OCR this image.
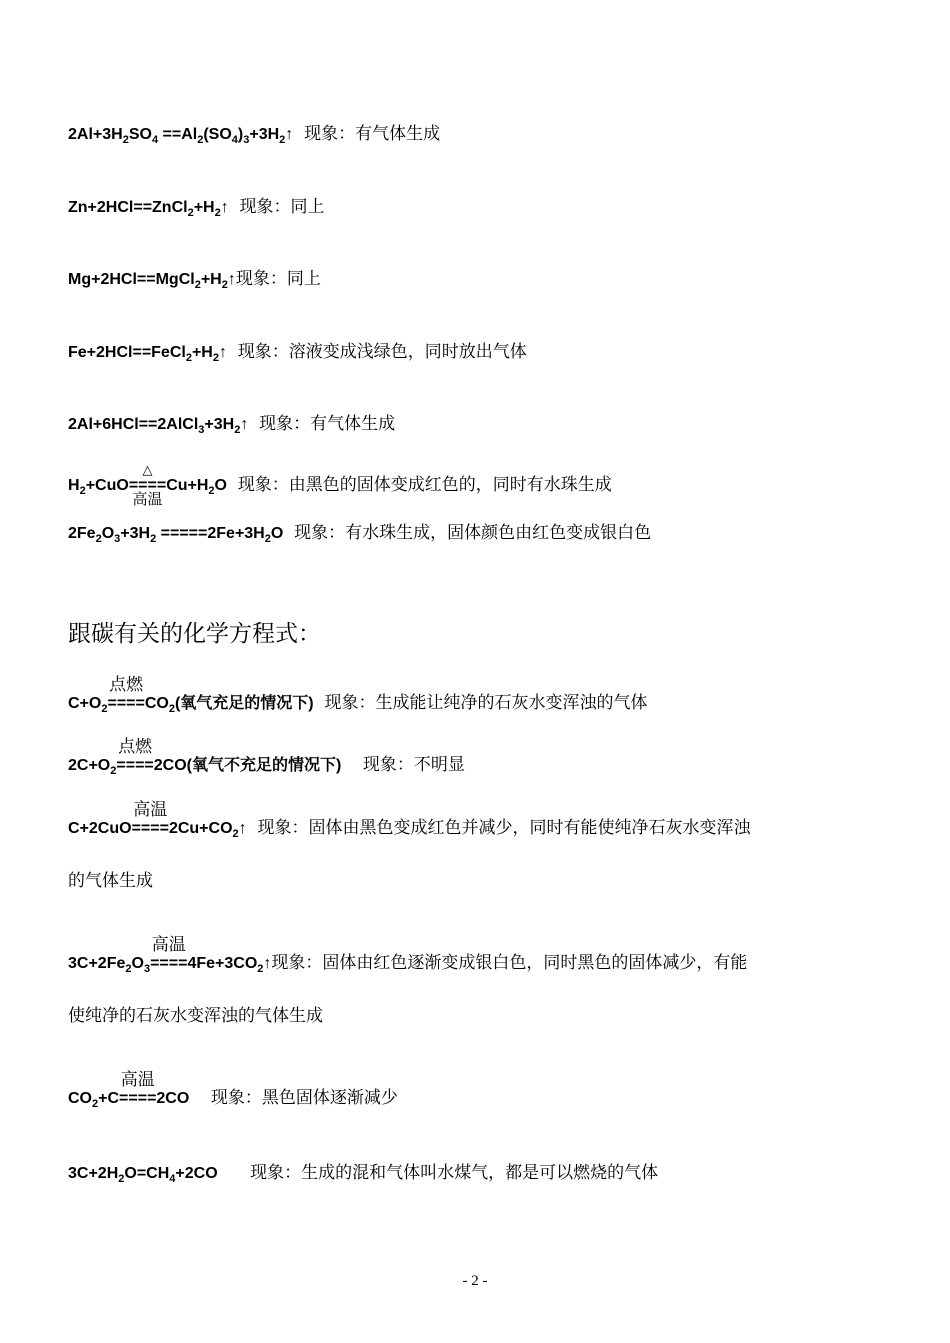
$2Al+3H_2SO_4$ $==Al_2(SO_4)_3+3H_2↑$  现象：有气体生成
$Zn+2HCl==ZnCl_2+H_2↑$  现象：同上
$Mg+2HCl==MgCl_2+H_2↑$现象：同上
$Fe+2HCl==FeCl_2+H_2↑$  现象：溶液变成浅绿色，同时放出气体
$2Al+6HCl==2AlCl_3+3H_2↑$  现象：有气体生成
$H_2+CuO$
△
====
高温
$Cu+H_2O$  现象：由黑色的固体变成红色的，同时有水珠生成
$2Fe_2O_3+3H_2 =====2Fe+3H_2O$  现象：有水珠生成，固体颜色由红色变成银白色
跟碳有关的化学方程式：
$C+O_2$
点燃
$====CO_2$(氧气充足的情况下)  现象：生成能让纯净的石灰水变浑浊的气体
$2C+O_2$
点燃
====2CO(氧气不充足的情况下)    现象：不明显
C+2CuO
高温
$====2Cu+CO_2↑$  现象：固体由黑色变成红色并减少，同时有能使纯净石灰水变浑浊
的气体生成
$3C+2Fe_2O_3$
高温
$====4Fe+3CO_2↑$现象：固体由红色逐渐变成银白色，同时黑色的固体减少，有能
使纯净的石灰水变浑浊的气体生成
$CO_2+C$
高温
====2CO    现象：黑色固体逐渐减少
$3C+2H_2O=CH_4+2CO$      现象：生成的混和气体叫水煤气，都是可以燃烧的气体
- 2 -
